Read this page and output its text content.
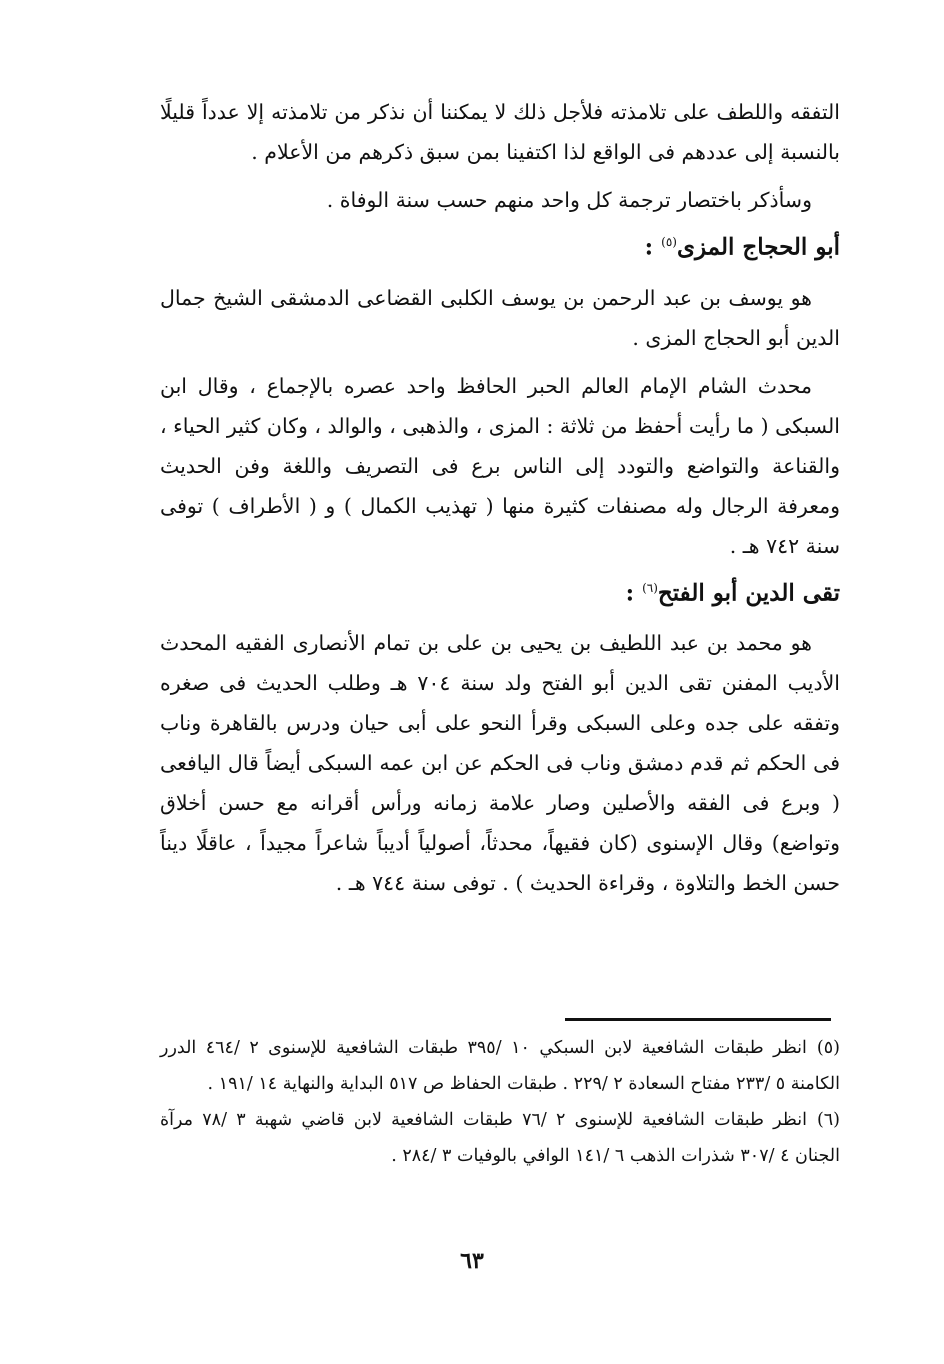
التفقه واللطف على تلامذته فلأجل ذلك لا يمكننا أن نذكر من تلامذته إلا عدداً قليلًا بالنسبة إلى عددهم فى الواقع لذا اكتفينا بمن سبق ذكرهم من الأعلام .

وسأذكر باختصار ترجمة كل واحد منهم حسب سنة الوفاة .

أبو الحجاج المزى$^{(٥)}$ :

هو يوسف بن عبد الرحمن بن يوسف الكلبى القضاعى الدمشقى الشيخ جمال الدين أبو الحجاج المزى .

محدث الشام الإمام العالم الحبر الحافظ واحد عصره بالإجماع ، وقال ابن السبكى ( ما رأيت أحفظ من ثلاثة : المزى ، والذهبى ، والوالد ، وكان كثير الحياء ، والقناعة والتواضع والتودد إلى الناس برع فى التصريف واللغة وفن الحديث ومعرفة الرجال وله مصنفات كثيرة منها ( تهذيب الكمال ) و ( الأطراف ) توفى سنة ٧٤٢ هـ .

تقى الدين أبو الفتح$^{(٦)}$ :

هو محمد بن عبد اللطيف بن يحيى بن على بن تمام الأنصارى الفقيه المحدث الأديب المفنن تقى الدين أبو الفتح ولد سنة ٧٠٤ هـ وطلب الحديث فى صغره وتفقه على جده وعلى السبكى وقرأ النحو على أبى حيان ودرس بالقاهرة وناب فى الحكم ثم قدم دمشق وناب فى الحكم عن ابن عمه السبكى أيضاً قال اليافعى ( وبرع فى الفقه والأصلين وصار علامة زمانه ورأس أقرانه مع حسن أخلاق وتواضع) وقال الإسنوى (كان فقيهاً، محدثاً، أصولياً أديباً شاعراً مجيداً ، عاقلًا ديناً حسن الخط والتلاوة ، وقراءة الحديث ) . توفى سنة ٧٤٤ هـ .

(٥)انظر طبقات الشافعية لابن السبكي ١٠ /٣٩٥ طبقات الشافعية للإسنوى ٢ /٤٦٤ الدرر الكامنة ٥ /٢٣٣ مفتاح السعادة ٢ /٢٢٩ . طبقات الحفاظ ص ٥١٧ البداية والنهاية ١٤ /١٩١ .

(٦)انظر طبقات الشافعية للإسنوى ٢ /٧٦ طبقات الشافعية لابن قاضي شهبة ٣ /٧٨ مرآة الجنان ٤ /٣٠٧ شذرات الذهب ٦ /١٤١ الوافي بالوفيات ٣ /٢٨٤ .

٦٣
